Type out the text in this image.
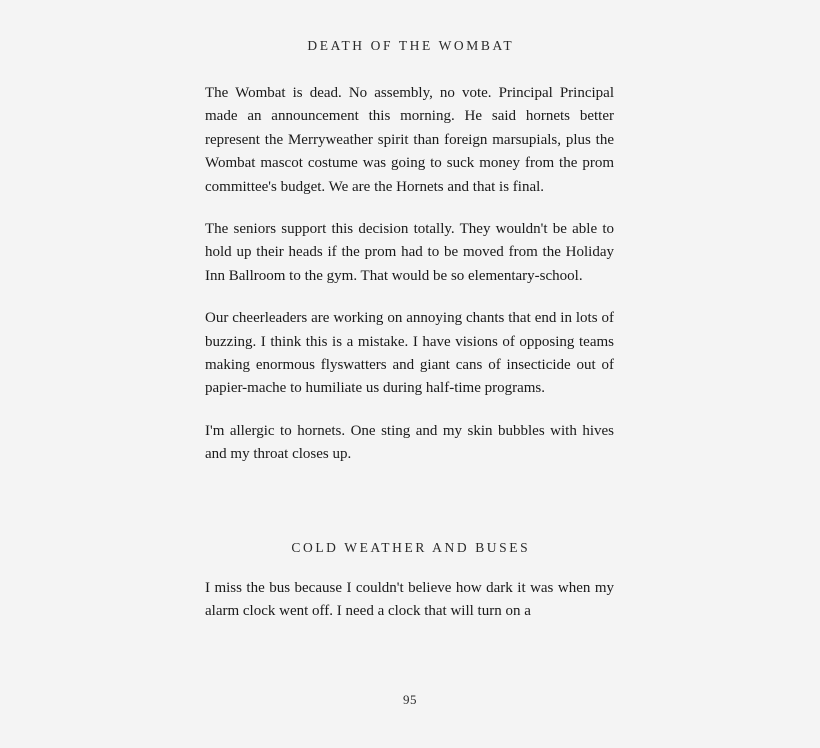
DEATH OF THE WOMBAT

The Wombat is dead. No assembly, no vote. Principal Principal made an announcement this morning. He said hornets better represent the Merryweather spirit than foreign marsupials, plus the Wombat mascot costume was going to suck money from the prom committee's budget. We are the Hornets and that is final.

The seniors support this decision totally. They wouldn't be able to hold up their heads if the prom had to be moved from the Holiday Inn Ballroom to the gym. That would be so elementary-school.

Our cheerleaders are working on annoying chants that end in lots of buzzing. I think this is a mistake. I have visions of opposing teams making enormous flyswatters and giant cans of insecticide out of papier-mache to humiliate us during half-time programs.

I'm allergic to hornets. One sting and my skin bubbles with hives and my throat closes up.

COLD WEATHER AND BUSES

I miss the bus because I couldn't believe how dark it was when my alarm clock went off. I need a clock that will turn on a

95
